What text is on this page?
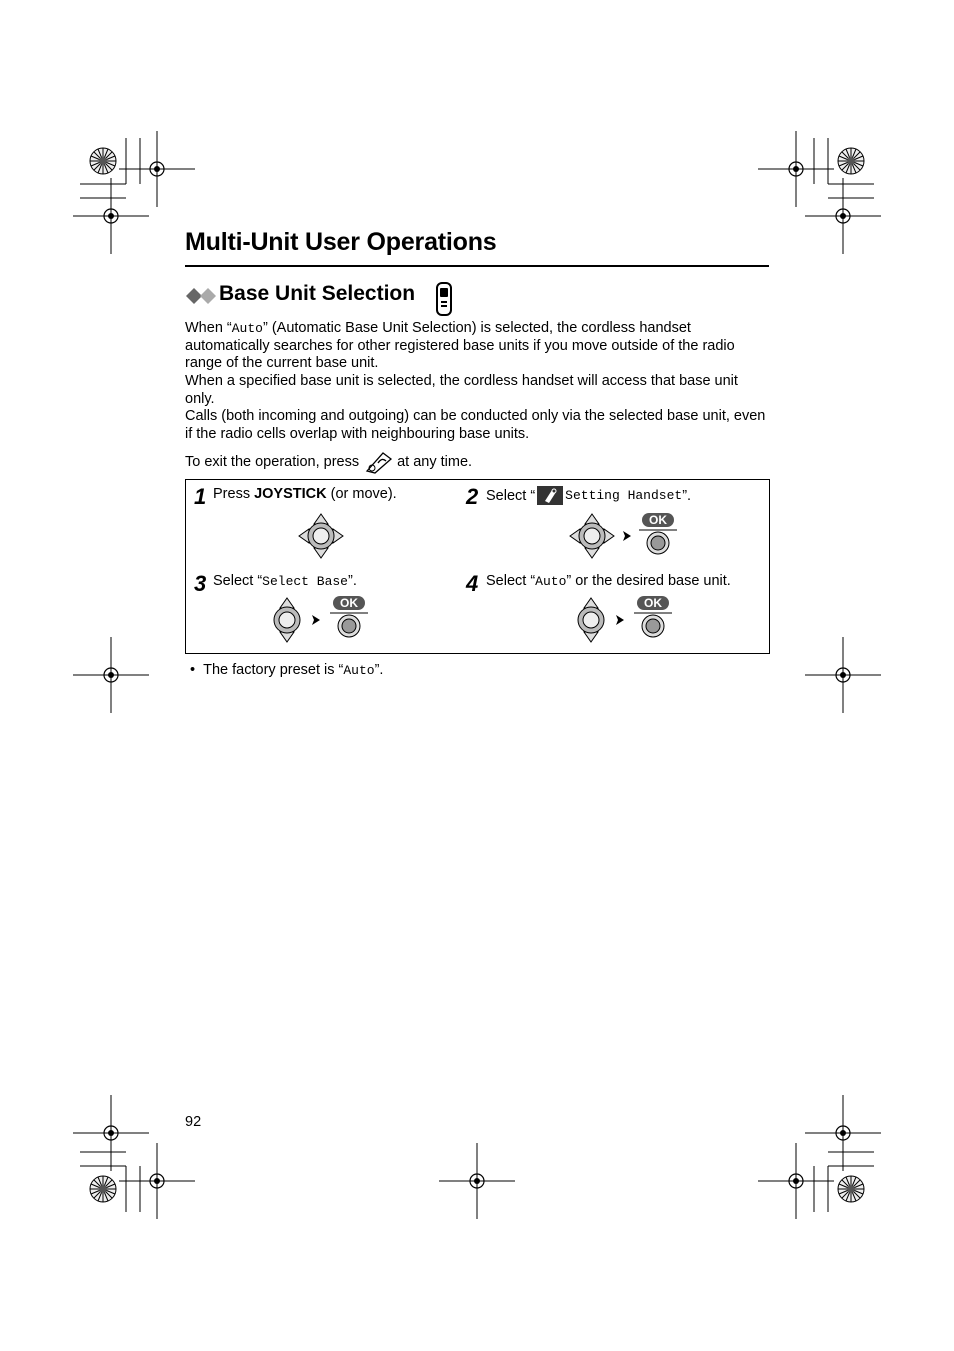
Multi-Unit User Operations
Base Unit Selection
When “Auto” (Automatic Base Unit Selection) is selected, the cordless handset automatically searches for other registered base units if you move outside of the radio range of the current base unit.
When a specified base unit is selected, the cordless handset will access that base unit only.
Calls (both incoming and outgoing) can be conducted only via the selected base unit, even if the radio cells overlap with neighbouring base units.
To exit the operation, press	at any time.
1 Press JOYSTICK (or move).	2 Select “ Setting Handset ”.
OK
3 Select “Select Base”.
OK
4 Select “Auto” or the desired base unit.
OK
•  The factory preset is “Auto”.
92
